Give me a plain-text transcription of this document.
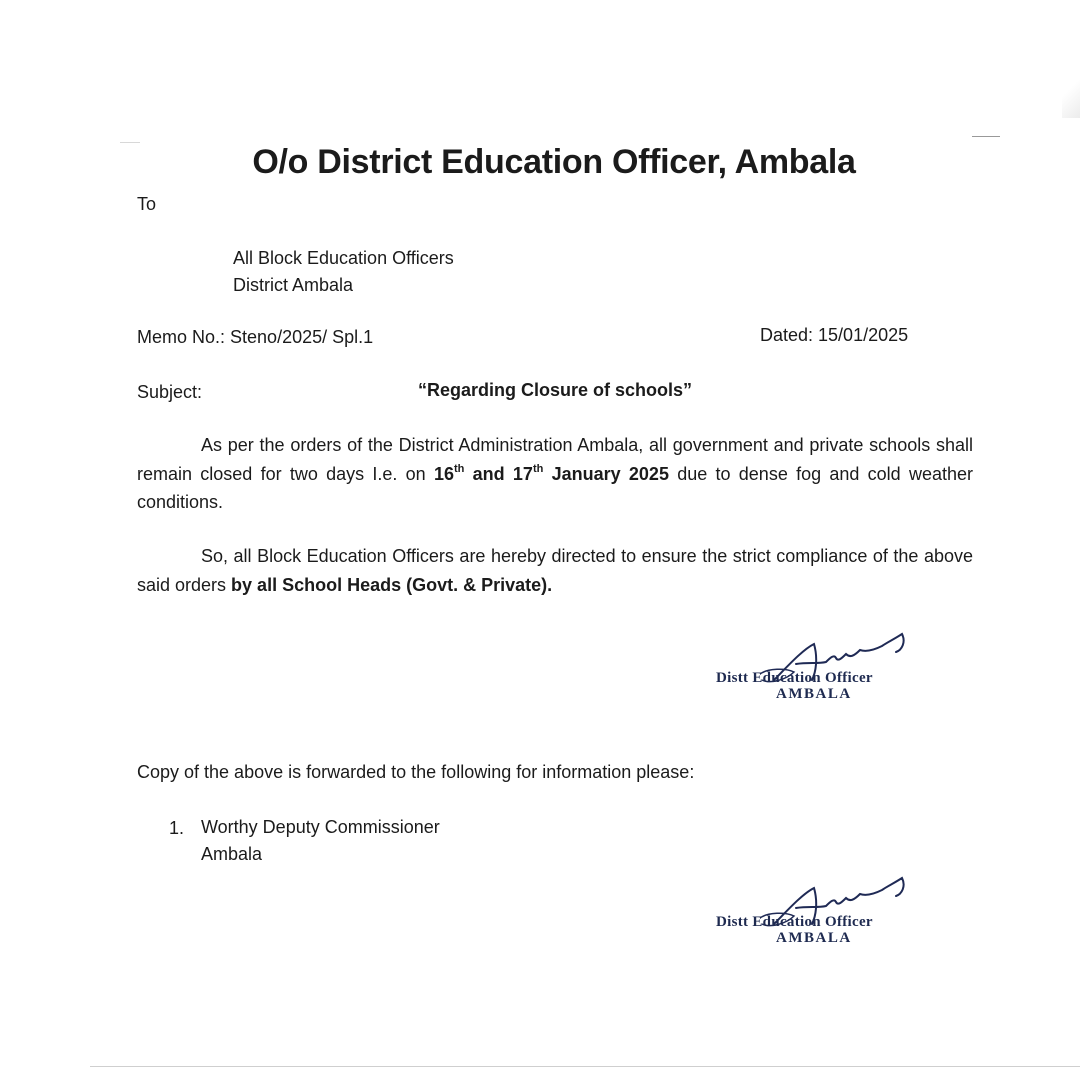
O/o District Education Officer, Ambala
To
All Block Education Officers
District Ambala
Memo No.: Steno/2025/ Spl.1	Dated: 15/01/2025
Subject:	“Regarding Closure of schools”
As per the orders of the District Administration Ambala, all government and private schools shall remain closed for two days I.e. on 16th and 17th January 2025 due to dense fog and cold weather conditions.
So, all Block Education Officers are hereby directed to ensure the strict compliance of the above said orders by all School Heads (Govt. & Private).
Distt Education Officer
AMBALA
Copy of the above is forwarded to the following for information please:
1. Worthy Deputy Commissioner
Ambala
Distt Education Officer
AMBALA
